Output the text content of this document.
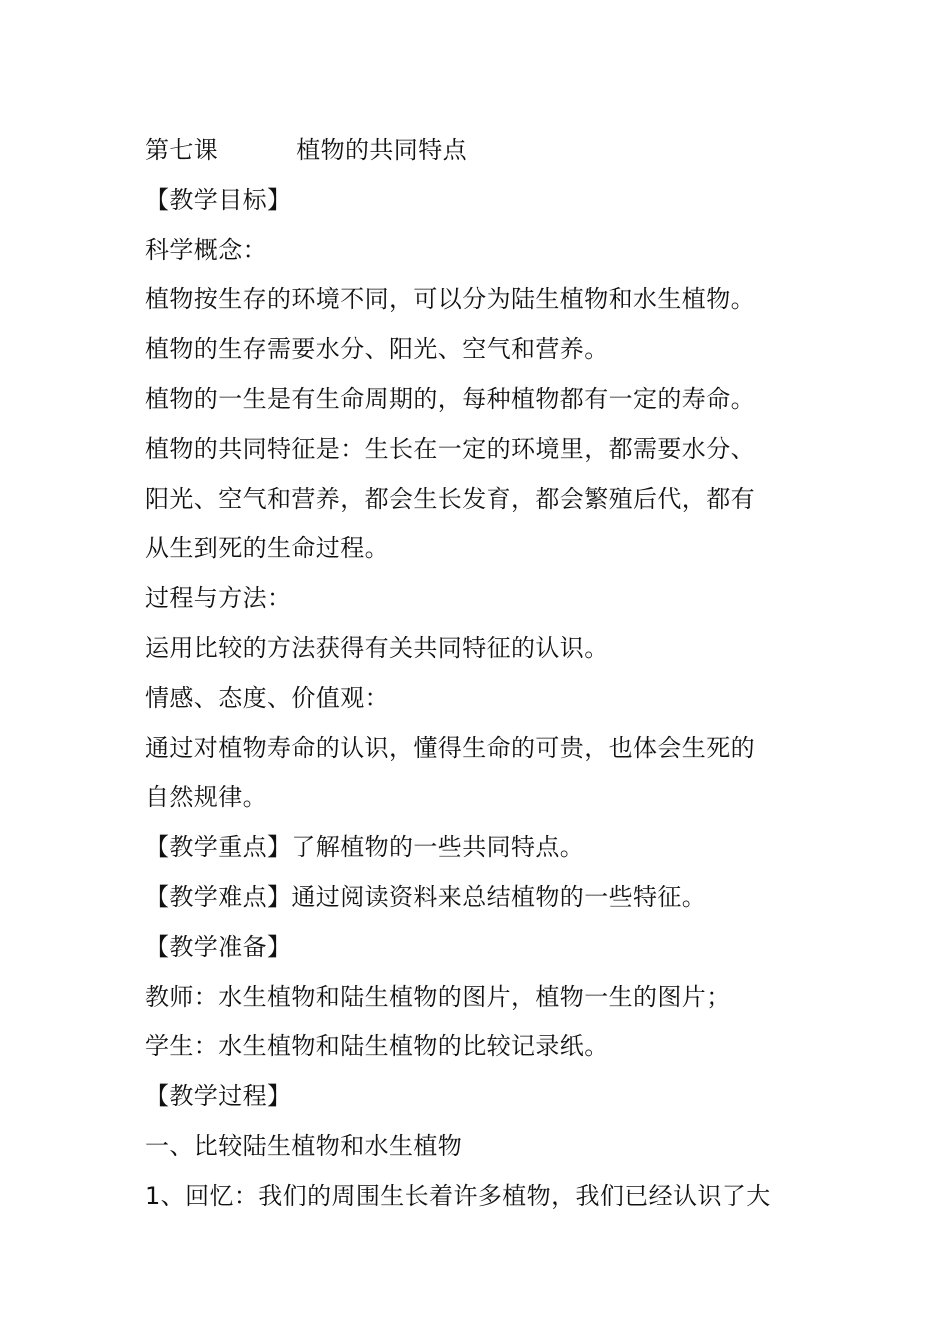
第七课	植物的共同特点
【教学目标】
科学概念：
植物按生存的环境不同，可以分为陆生植物和水生植物。
植物的生存需要水分、阳光、空气和营养。
植物的一生是有生命周期的，每种植物都有一定的寿命。
植物的共同特征是：生长在一定的环境里，都需要水分、
阳光、空气和营养，都会生长发育，都会繁殖后代，都有
从生到死的生命过程。
过程与方法：
运用比较的方法获得有关共同特征的认识。
情感、态度、价值观：
通过对植物寿命的认识，懂得生命的可贵，也体会生死的
自然规律。
【教学重点】了解植物的一些共同特点。
【教学难点】通过阅读资料来总结植物的一些特征。
【教学准备】
教师：水生植物和陆生植物的图片，植物一生的图片；
学生：水生植物和陆生植物的比较记录纸。
【教学过程】
一、比较陆生植物和水生植物
1、回忆：我们的周围生长着许多植物，我们已经认识了大
